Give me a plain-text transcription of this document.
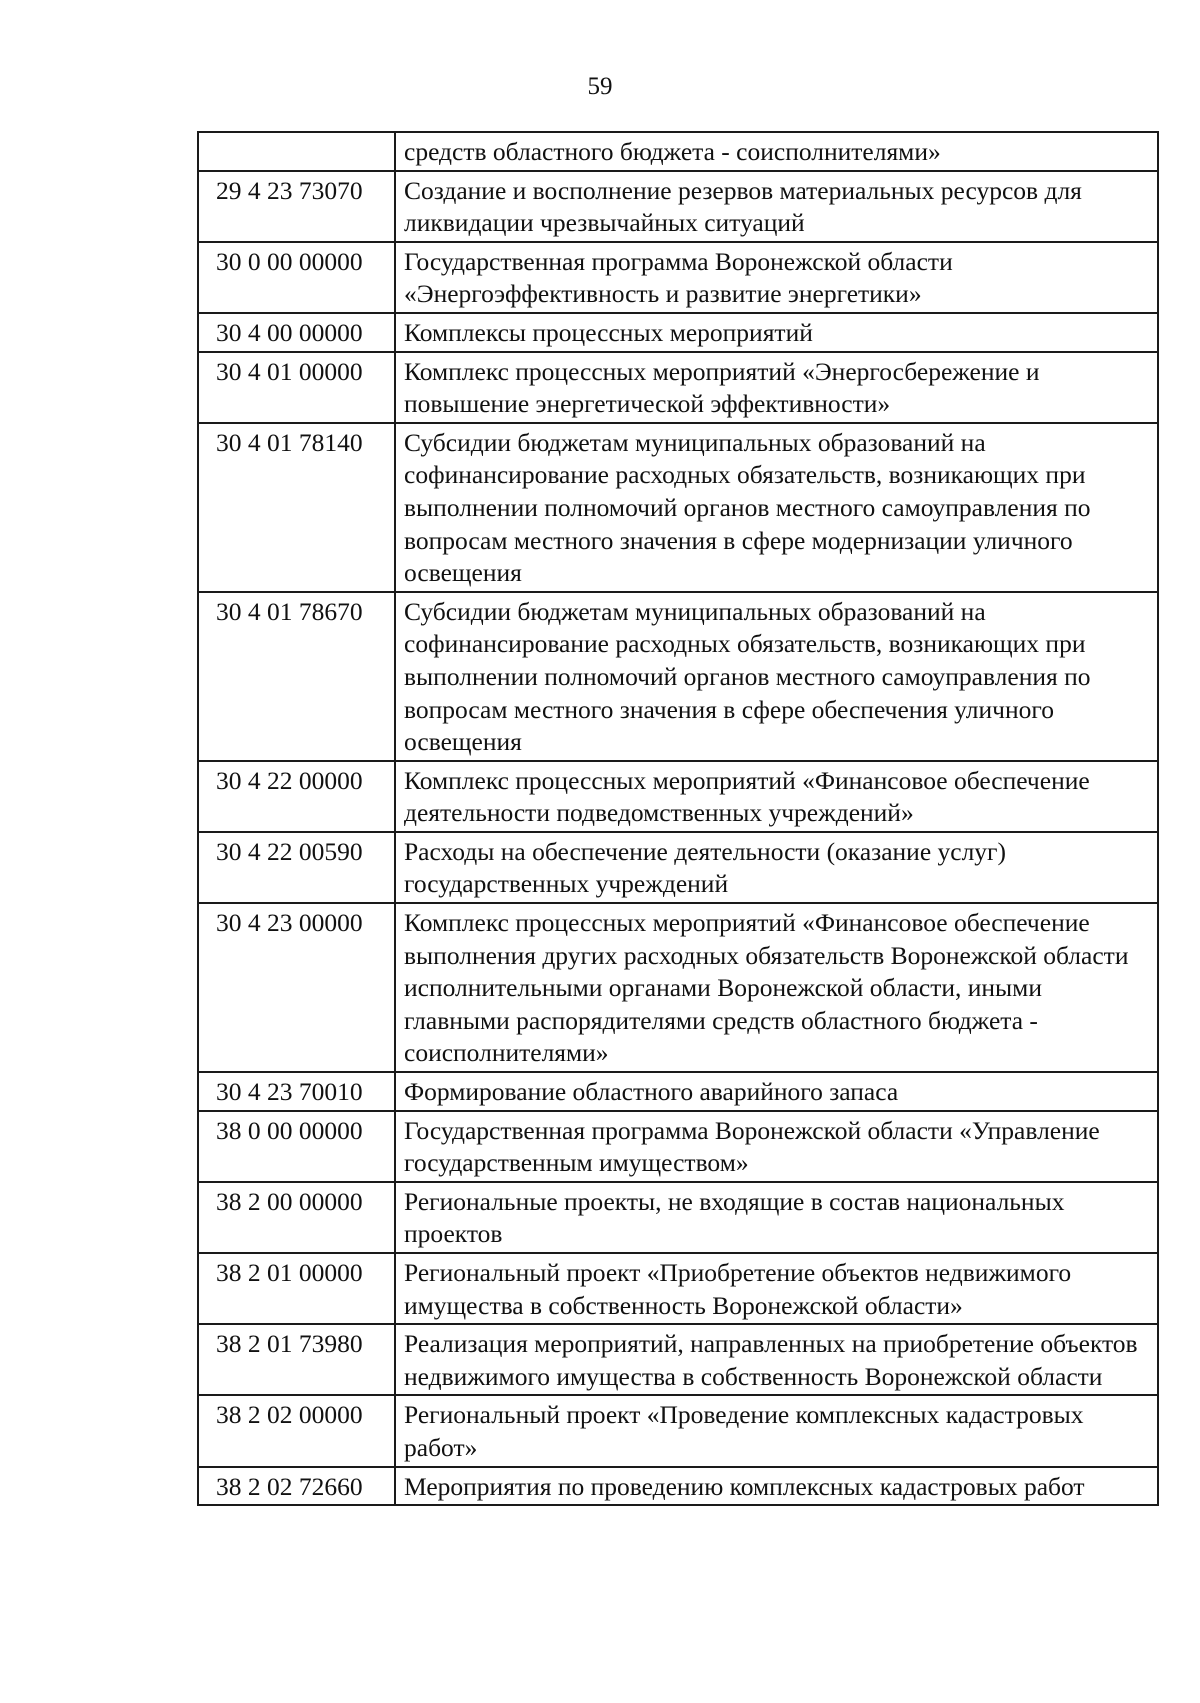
59
	средств областного бюджета - соисполнителями»
29 4 23 73070	Создание и восполнение резервов материальных ресурсов для ликвидации чрезвычайных ситуаций
30 0 00 00000	Государственная программа Воронежской области «Энергоэффективность и развитие энергетики»
30 4 00 00000	Комплексы процессных мероприятий
30 4 01 00000	Комплекс процессных мероприятий «Энергосбережение и повышение энергетической эффективности»
30 4 01 78140	Субсидии бюджетам муниципальных образований на софинансирование расходных обязательств, возникающих при выполнении полномочий органов местного самоуправления по вопросам местного значения в сфере модернизации уличного освещения
30 4 01 78670	Субсидии бюджетам муниципальных образований на софинансирование расходных обязательств, возникающих при выполнении полномочий органов местного самоуправления по вопросам местного значения в сфере обеспечения уличного освещения
30 4 22 00000	Комплекс процессных мероприятий «Финансовое обеспечение деятельности подведомственных учреждений»
30 4 22 00590	Расходы на обеспечение деятельности (оказание услуг) государственных учреждений
30 4 23 00000	Комплекс процессных мероприятий «Финансовое обеспечение выполнения других расходных обязательств Воронежской области исполнительными органами Воронежской области, иными главными распорядителями средств областного бюджета - соисполнителями»
30 4 23 70010	Формирование областного аварийного запаса
38 0 00 00000	Государственная программа Воронежской области «Управление государственным имуществом»
38 2 00 00000	Региональные проекты, не входящие в состав национальных проектов
38 2 01 00000	Региональный проект «Приобретение объектов недвижимого имущества в собственность Воронежской области»
38 2 01 73980	Реализация мероприятий, направленных на приобретение объектов недвижимого имущества в собственность Воронежской области
38 2 02 00000	Региональный проект «Проведение комплексных кадастровых работ»
38 2 02 72660	Мероприятия по проведению комплексных кадастровых работ
